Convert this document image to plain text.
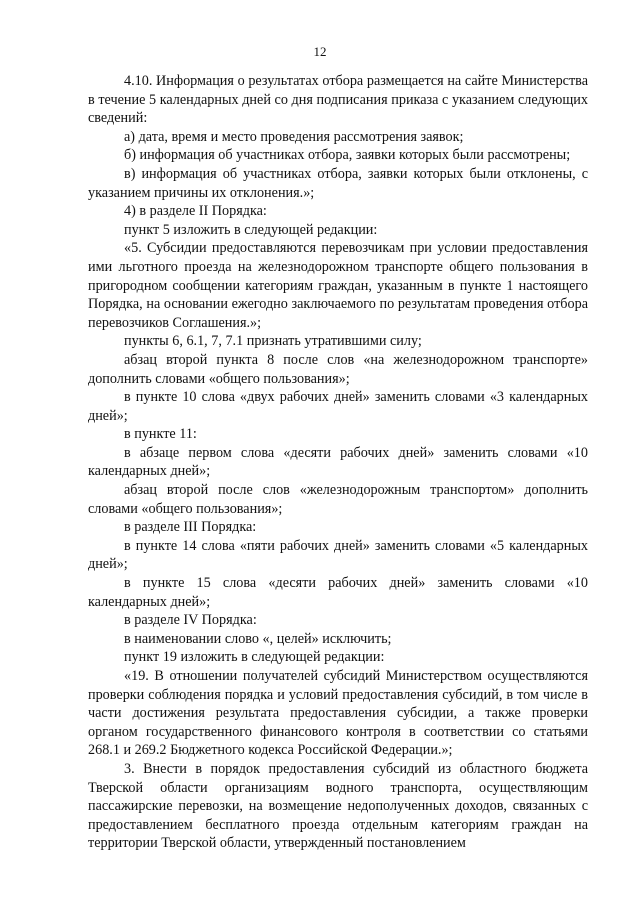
12

4.10. Информация о результатах отбора размещается на сайте Министерства в течение 5 календарных дней со дня подписания приказа с указанием следующих сведений:

а) дата, время и место проведения рассмотрения заявок;

б) информация об участниках отбора, заявки которых были рассмотрены;

в) информация об участниках отбора, заявки которых были отклонены, с указанием причины их отклонения.»;

4) в разделе II Порядка:

пункт 5 изложить в следующей редакции:

«5. Субсидии предоставляются перевозчикам при условии предоставления ими льготного проезда на железнодорожном транспорте общего пользования в пригородном сообщении категориям граждан, указанным в пункте 1 настоящего Порядка, на основании ежегодно заключаемого по результатам проведения отбора перевозчиков Соглашения.»;

пункты 6, 6.1, 7, 7.1 признать утратившими силу;

абзац второй пункта 8 после слов «на железнодорожном транспорте» дополнить словами «общего пользования»;

в пункте 10 слова «двух рабочих дней» заменить словами «3 календарных дней»;

в пункте 11:

в абзаце первом слова «десяти рабочих дней» заменить словами «10 календарных дней»;

абзац второй после слов «железнодорожным транспортом» дополнить словами «общего пользования»;

в разделе III Порядка:

в пункте 14 слова «пяти рабочих дней» заменить словами «5 календарных дней»;

в пункте 15 слова «десяти рабочих дней» заменить словами «10 календарных дней»;

в разделе IV Порядка:

в наименовании слово «, целей» исключить;

пункт 19 изложить в следующей редакции:

«19. В отношении получателей субсидий Министерством осуществляются проверки соблюдения порядка и условий предоставления субсидий, в том числе в части достижения результата предоставления субсидии, а также проверки органом государственного финансового контроля в соответствии со статьями 268.1 и 269.2 Бюджетного кодекса Российской Федерации.»;

3. Внести в порядок предоставления субсидий из областного бюджета Тверской области организациям водного транспорта, осуществляющим пассажирские перевозки, на возмещение недополученных доходов, связанных с предоставлением бесплатного проезда отдельным категориям граждан на территории Тверской области, утвержденный постановлением
